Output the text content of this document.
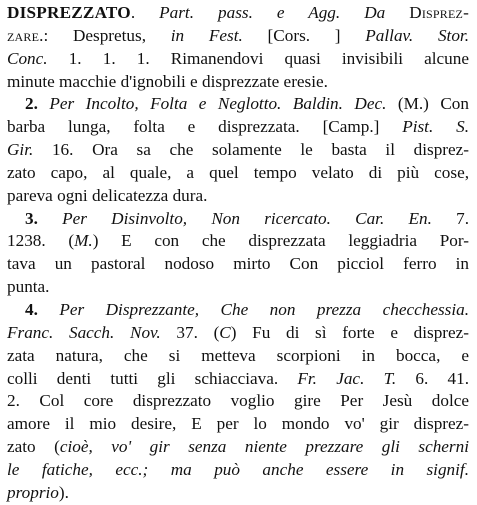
DISPREZZATO. Part. pass. e Agg. Da Disprez-
zare.: Despretus, in Fest. [Cors. ] Pallav. Stor.
Conc. 1. 1. 1. Rimanendovi quasi invisibili alcune
minute macchie d'ignobili e disprezzate eresie.
2. Per Incolto, Folta e Neglotto. Baldin. Dec. (M.) Con
barba lunga, folta e disprezzata. [Camp.] Pist. S.
Gir. 16. Ora sa che solamente le basta il disprez-
zato capo, al quale, a quel tempo velato di più cose,
pareva ogni delicatezza dura.
3. Per Disinvolto, Non ricercato. Car. En. 7.
1238. (M.) E con che disprezzata leggiadria Por-
tava un pastoral nodoso mirto Con picciol ferro in
punta.
4. Per Disprezzante, Che non prezza checchessia.
Franc. Sacch. Nov. 37. (C) Fu di sì forte e disprez-
zata natura, che si metteva scorpioni in bocca, e
colli denti tutti gli schiacciava. Fr. Jac. T. 6. 41.
2. Col core disprezzato voglio gire Per Jesù dolce
amore il mio desire, E per lo mondo vo' gir disprez-
zato (cioè, vo' gir senza niente prezzare gli scherni
le fatiche, ecc.; ma può anche essere in signif.
proprio).
